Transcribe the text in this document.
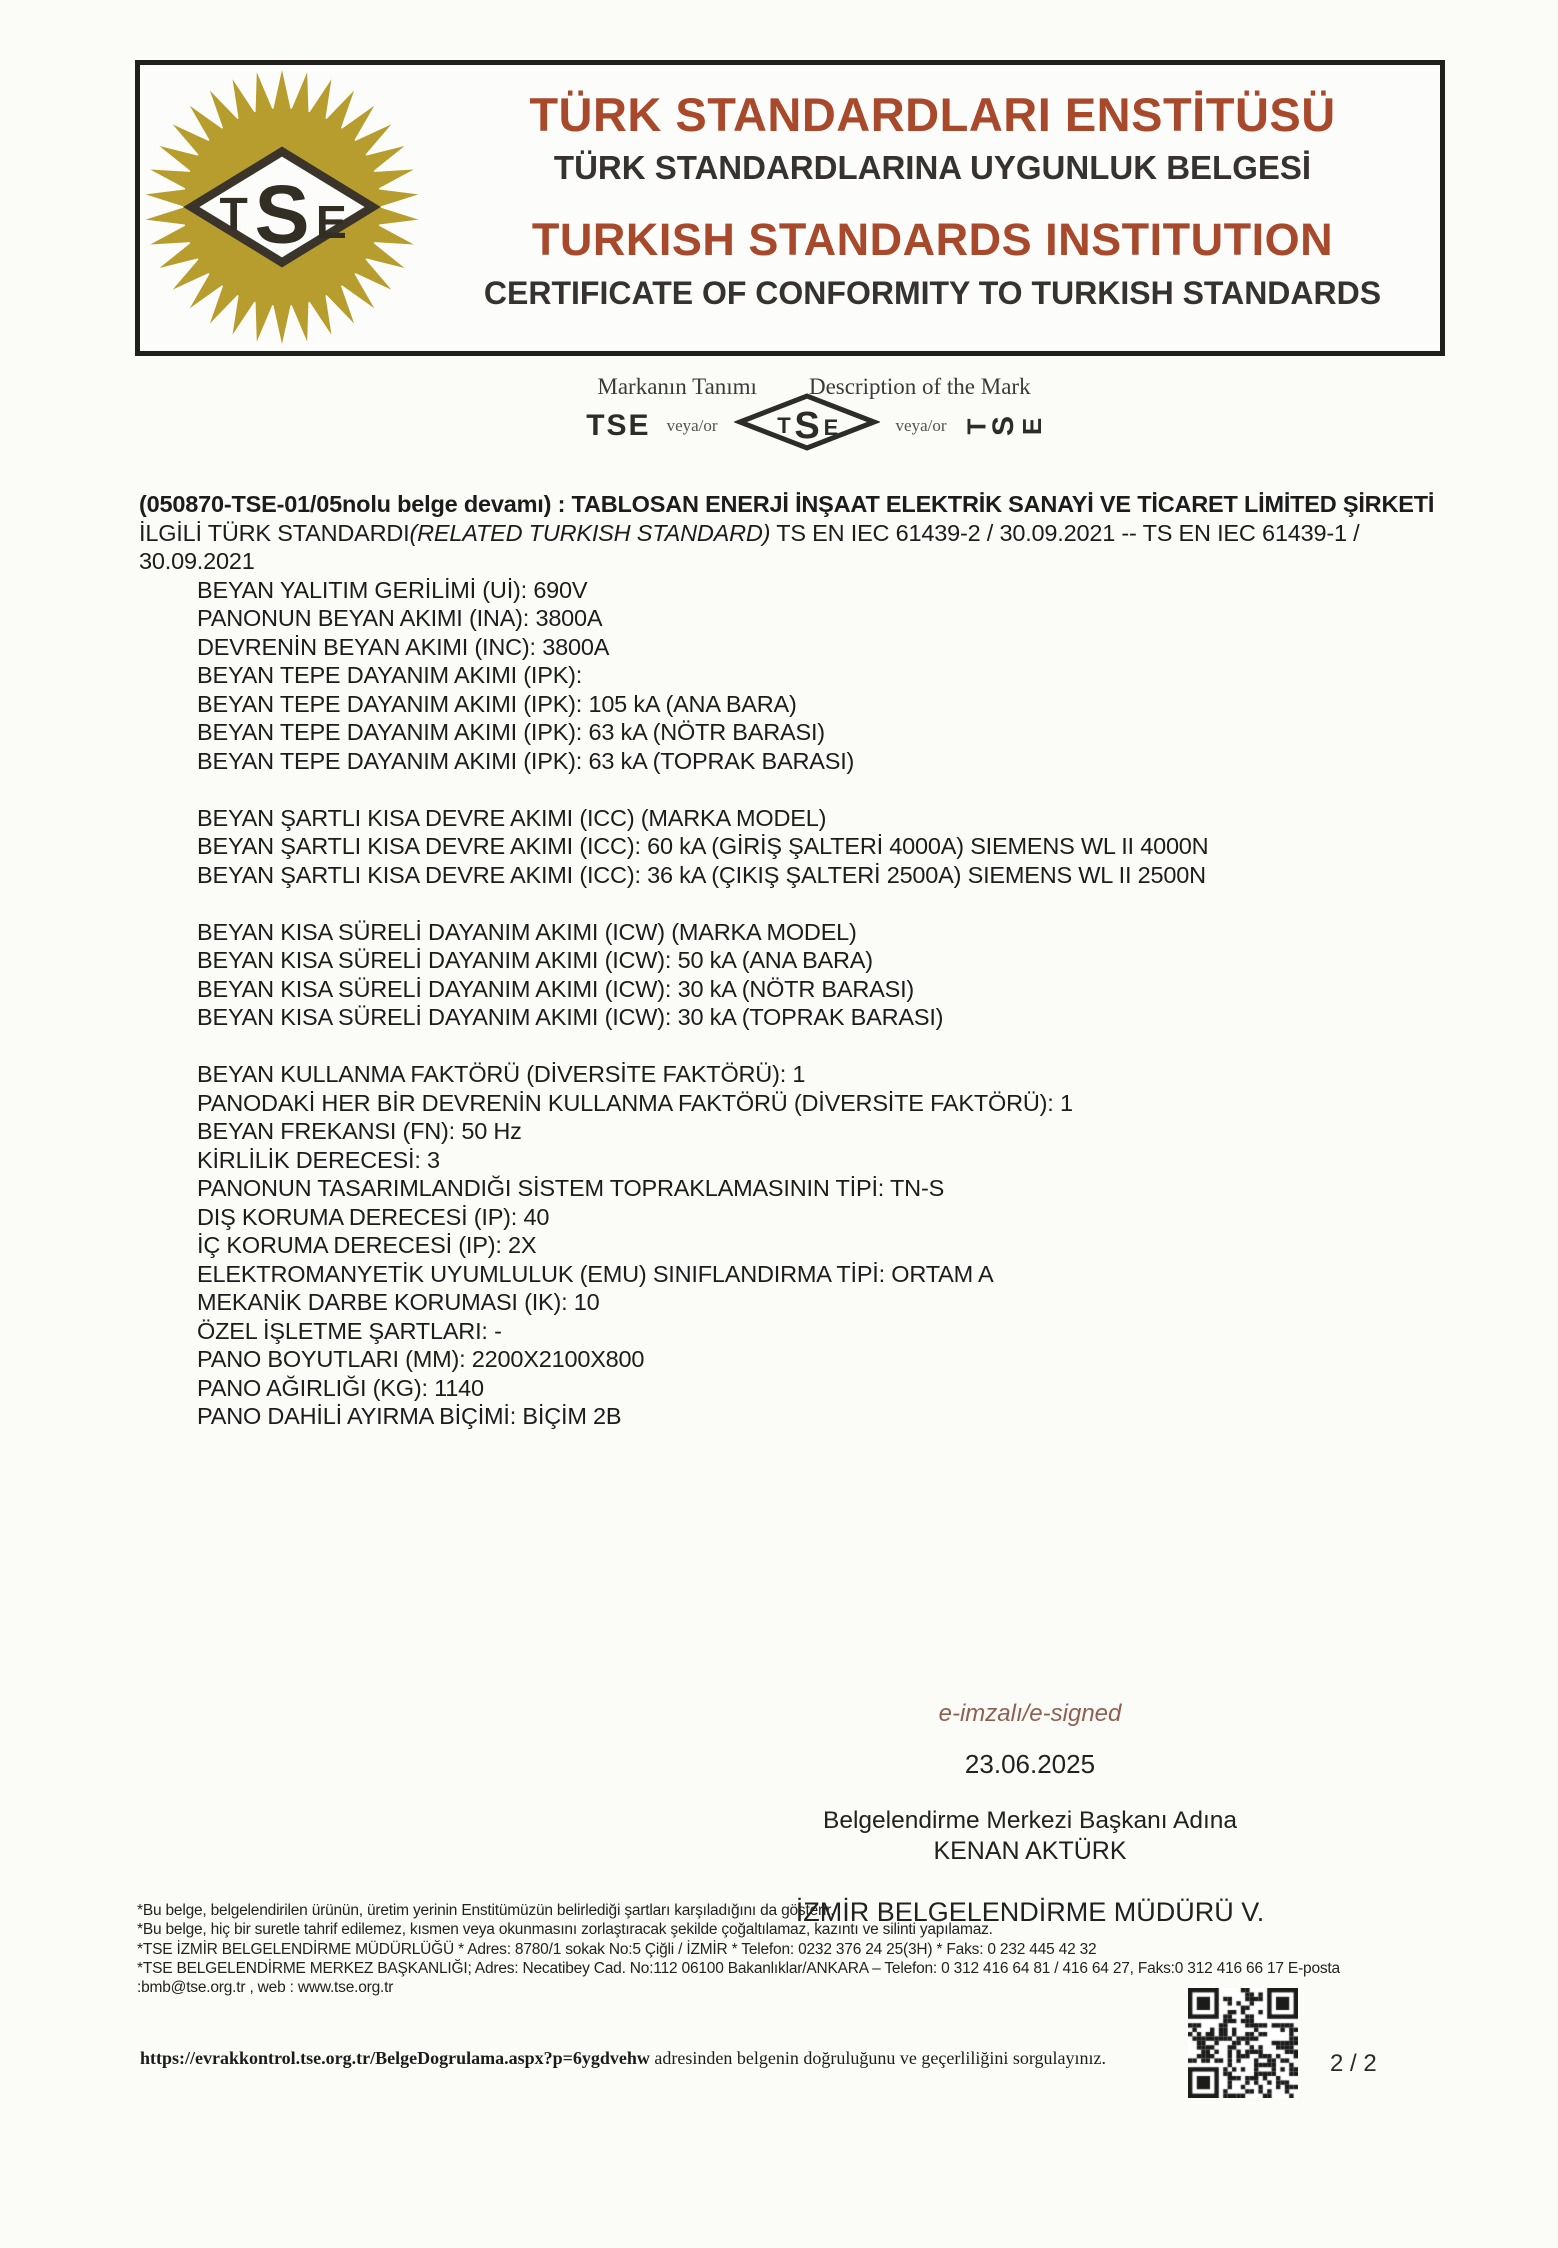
T S E
TÜRK STANDARDLARI ENSTİTÜSÜ
TÜRK STANDARDLARINA UYGUNLUK BELGESİ
TURKISH STANDARDS INSTITUTION
CERTIFICATE OF CONFORMITY TO TURKISH STANDARDS
Markanın Tanımı Description of the Mark
TSE veya/or	T S E	veya/or T
S
E
(050870-TSE-01/05nolu belge devamı) : TABLOSAN ENERJİ İNŞAAT ELEKTRİK SANAYİ VE TİCARET LİMİTED ŞİRKETİ
İLGİLİ TÜRK STANDARDI(RELATED TURKISH STANDARD) TS EN IEC 61439-2 / 30.09.2021 -- TS EN IEC 61439-1 / 30.09.2021
BEYAN YALITIM GERİLİMİ (Uİ): 690V
PANONUN BEYAN AKIMI (INA): 3800A
DEVRENİN BEYAN AKIMI (INC): 3800A
BEYAN TEPE DAYANIM AKIMI (IPK):
BEYAN TEPE DAYANIM AKIMI (IPK): 105 kA (ANA BARA)
BEYAN TEPE DAYANIM AKIMI (IPK): 63 kA (NÖTR BARASI)
BEYAN TEPE DAYANIM AKIMI (IPK): 63 kA (TOPRAK BARASI)

BEYAN ŞARTLI KISA DEVRE AKIMI (ICC) (MARKA MODEL)
BEYAN ŞARTLI KISA DEVRE AKIMI (ICC): 60 kA (GİRİŞ ŞALTERİ 4000A) SIEMENS WL II 4000N
BEYAN ŞARTLI KISA DEVRE AKIMI (ICC): 36 kA (ÇIKIŞ ŞALTERİ 2500A) SIEMENS WL II 2500N

BEYAN KISA SÜRELİ DAYANIM AKIMI (ICW) (MARKA MODEL)
BEYAN KISA SÜRELİ DAYANIM AKIMI (ICW): 50 kA (ANA BARA)
BEYAN KISA SÜRELİ DAYANIM AKIMI (ICW): 30 kA (NÖTR BARASI)
BEYAN KISA SÜRELİ DAYANIM AKIMI (ICW): 30 kA (TOPRAK BARASI)

BEYAN KULLANMA FAKTÖRÜ (DİVERSİTE FAKTÖRÜ): 1
PANODAKİ HER BİR DEVRENİN KULLANMA FAKTÖRÜ (DİVERSİTE FAKTÖRÜ): 1
BEYAN FREKANSI (FN): 50 Hz
KİRLİLİK DERECESİ: 3
PANONUN TASARIMLANDIĞI SİSTEM TOPRAKLAMASININ TİPİ: TN-S
DIŞ KORUMA DERECESİ (IP): 40
İÇ KORUMA DERECESİ (IP): 2X
ELEKTROMANYETİK UYUMLULUK (EMU) SINIFLANDIRMA TİPİ: ORTAM A
MEKANİK DARBE KORUMASI (IK): 10
ÖZEL İŞLETME ŞARTLARI: -
PANO BOYUTLARI (MM): 2200X2100X800
PANO AĞIRLIĞI (KG): 1140
PANO DAHİLİ AYIRMA BİÇİMİ: BİÇİM 2B
e-imzalı/e-signed
23.06.2025
Belgelendirme Merkezi Başkanı Adına
KENAN AKTÜRK
İZMİR BELGELENDİRME MÜDÜRÜ V.
*Bu belge, belgelendirilen ürünün, üretim yerinin Enstitümüzün belirlediği şartları karşıladığını da gösterir.
*Bu belge, hiç bir suretle tahrif edilemez, kısmen veya okunmasını zorlaştıracak şekilde çoğaltılamaz, kazıntı ve silinti yapılamaz.
*TSE İZMİR BELGELENDİRME MÜDÜRLÜĞÜ * Adres: 8780/1 sokak No:5 Çiğli / İZMİR * Telefon: 0232 376 24 25(3H) * Faks: 0 232 445 42 32
*TSE BELGELENDİRME MERKEZ BAŞKANLIĞI; Adres: Necatibey Cad. No:112 06100 Bakanlıklar/ANKARA – Telefon: 0 312 416 64 81 / 416 64 27, Faks:0 312 416 66 17 E-posta
:bmb@tse.org.tr , web : www.tse.org.tr
https://evrakkontrol.tse.org.tr/BelgeDogrulama.aspx?p=6ygdvehw adresinden belgenin doğruluğunu ve geçerliliğini sorgulayınız.	2 / 2
